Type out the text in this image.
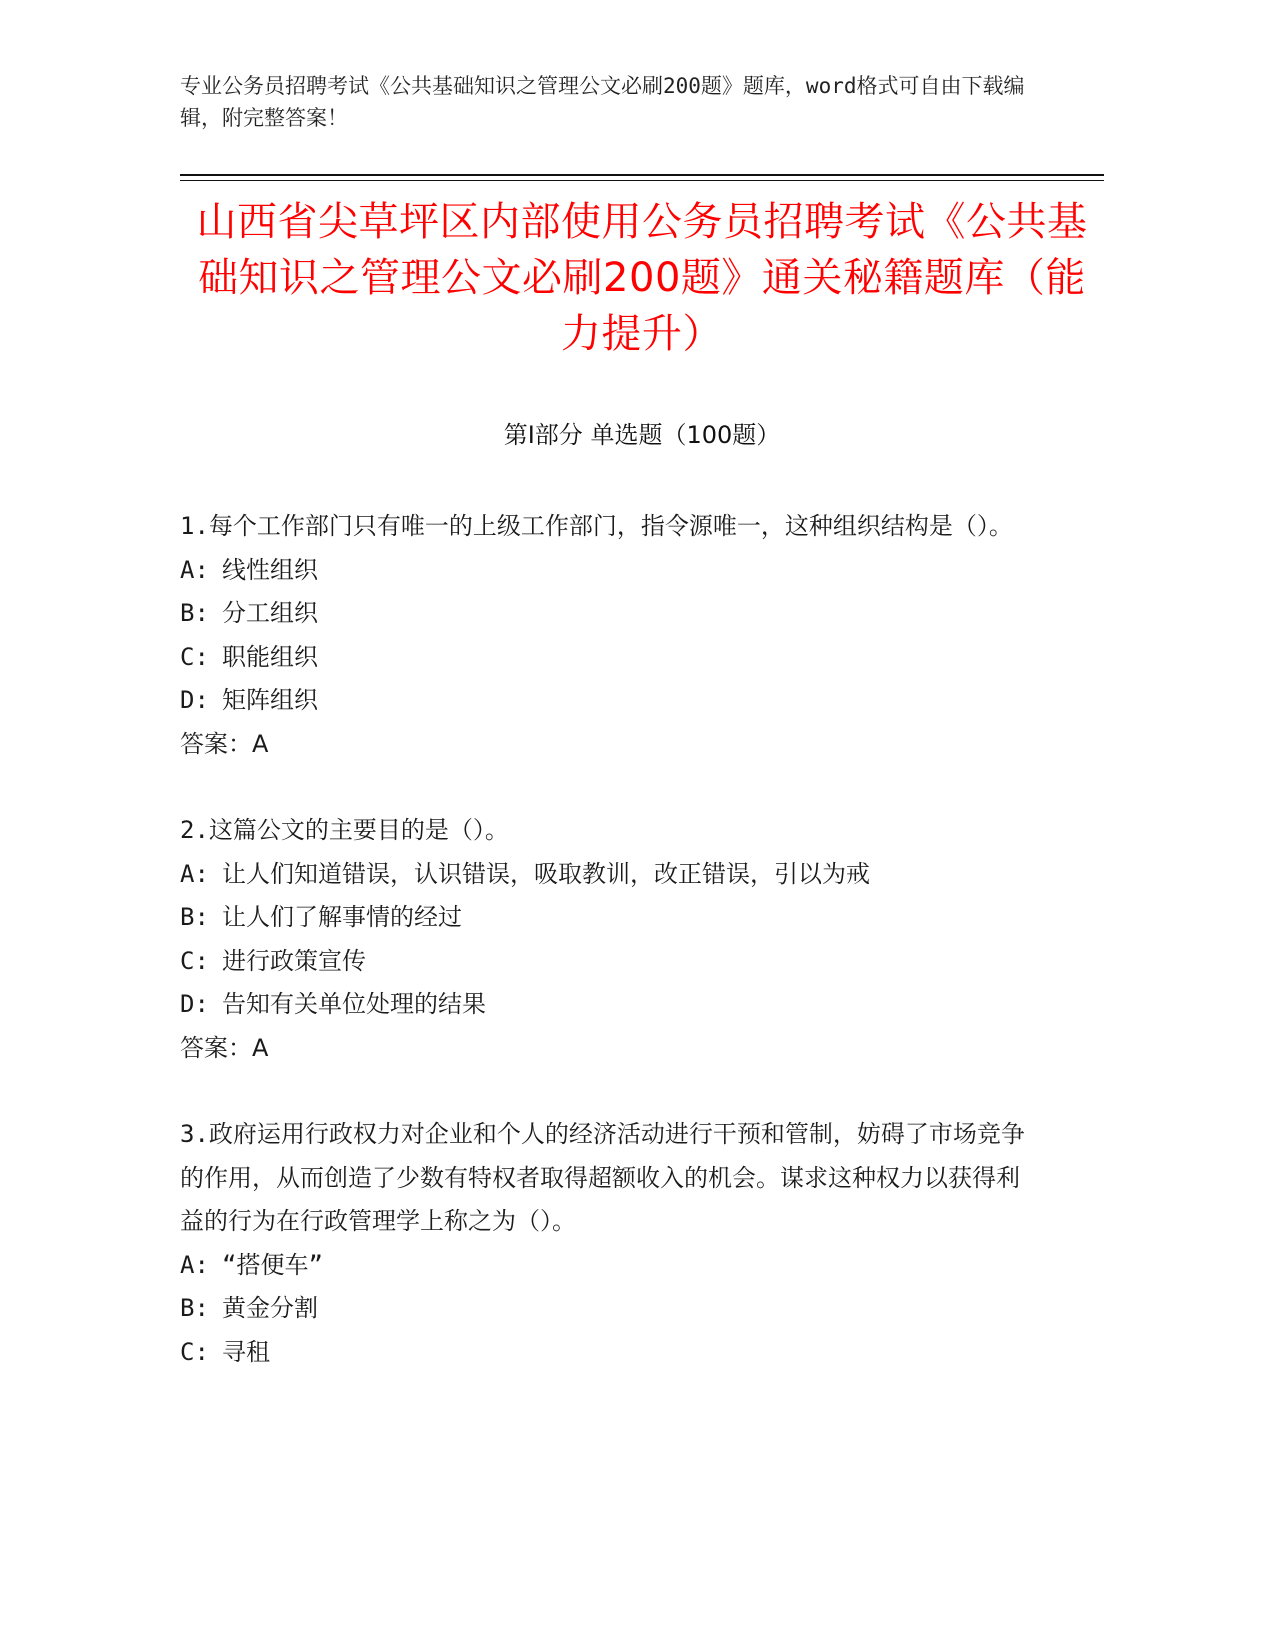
专业公务员招聘考试《公共基础知识之管理公文必刷200题》题库，word格式可自由下载编辑，附完整答案！
山西省尖草坪区内部使用公务员招聘考试《公共基础知识之管理公文必刷200题》通关秘籍题库（能力提升）
第Ⅰ部分 单选题（100题）
1.每个工作部门只有唯一的上级工作部门，指令源唯一，这种组织结构是（）。
A: 线性组织
B: 分工组织
C: 职能组织
D: 矩阵组织
答案：A
2.这篇公文的主要目的是（）。
A: 让人们知道错误，认识错误，吸取教训，改正错误，引以为戒
B: 让人们了解事情的经过
C: 进行政策宣传
D: 告知有关单位处理的结果
答案：A
3.政府运用行政权力对企业和个人的经济活动进行干预和管制，妨碍了市场竞争的作用，从而创造了少数有特权者取得超额收入的机会。谋求这种权力以获得利益的行为在行政管理学上称之为（）。
A: “搭便车”
B: 黄金分割
C: 寻租
